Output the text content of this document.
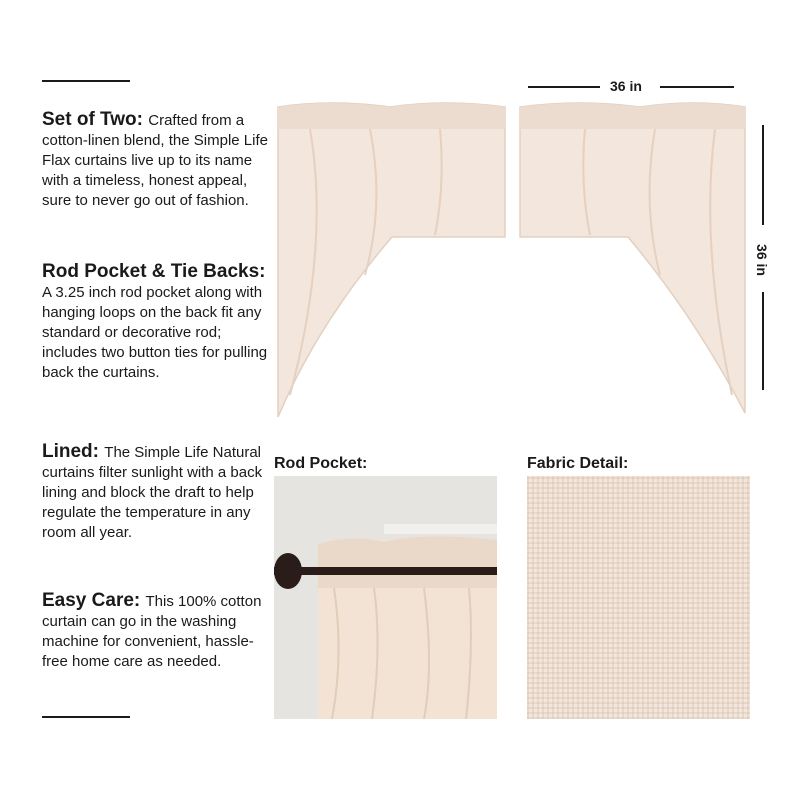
Set of Two: Crafted from a cotton-linen blend, the Simple Life Flax curtains live up to its name with a timeless, honest appeal, sure to never go out of fashion.
Rod Pocket & Tie Backs: A 3.25 inch rod pocket along with hanging loops on the back fit any standard or decorative rod; includes two button ties for pulling back the curtains.
Lined: The Simple Life Natural curtains filter sunlight with a back lining and block the draft to help regulate the temperature in any room all year.
Easy Care: This 100% cotton curtain can go in the washing machine for convenient, hassle-free home care as needed.
36 in
36 in
Rod Pocket:	Fabric Detail:
